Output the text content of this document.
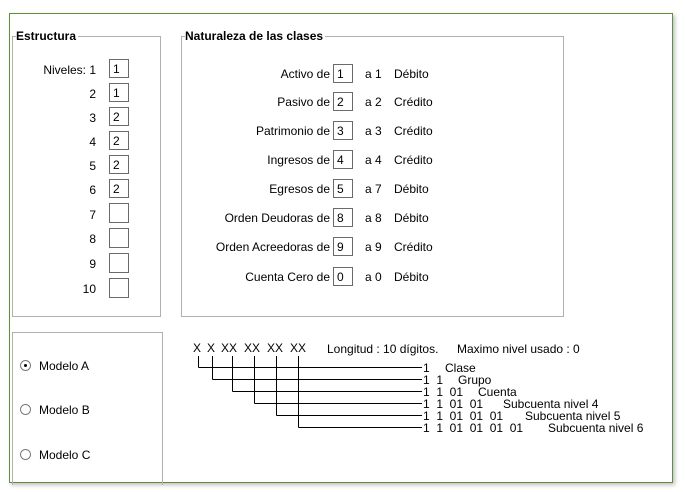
Estructura
Niveles: 1	1
2	1
3	2
4	2
5	2
6	2
7
8
9
10
Naturaleza de las clases
Activo de 1	a 1 Débito
Pasivo de 2	a 2 Crédito
Patrimonio de 3	a 3 Crédito
Ingresos de 4	a 4 Crédito
Egresos de 5	a 7 Débito
Orden Deudoras de 8	a 8 Débito
Orden Acreedoras de 9	a 9 Crédito
Cuenta Cero de 0	a 0 Débito
Modelo A
Modelo B
Modelo C
X X XX XX XX XX Longitud : 10 dígitos. Maximo nivel usado : 0
1 Clase
1  1 Grupo
1  1  01 Cuenta
1  1  01  01 Subcuenta nivel 4
1  1  01  01  01 Subcuenta nivel 5
1  1  01  01  01  01 Subcuenta nivel 6
